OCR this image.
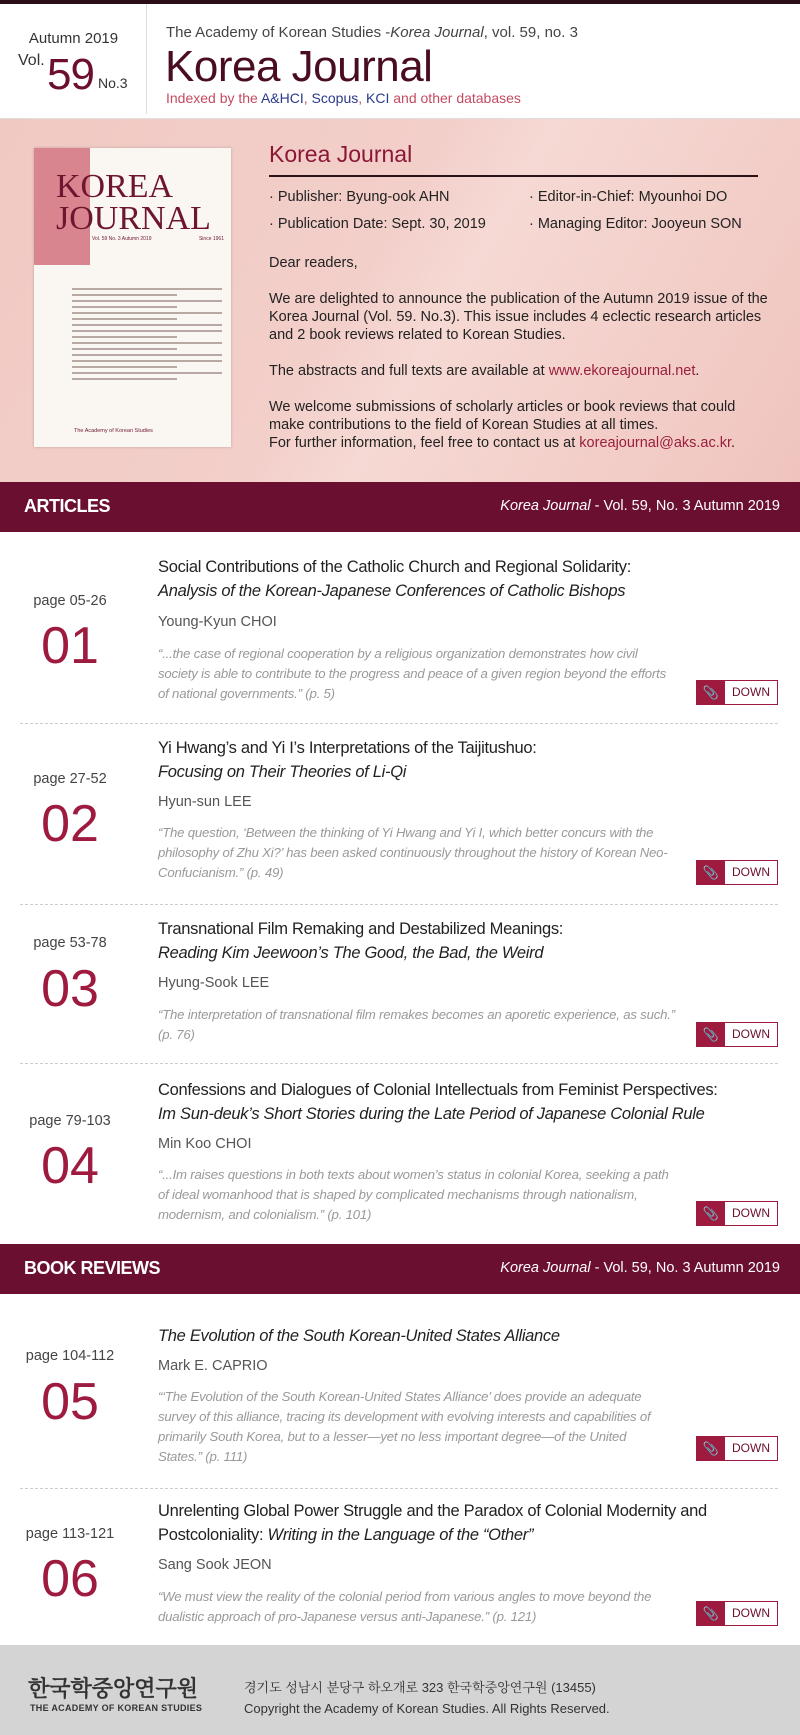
Autumn 2019
Vol. 59 No.3
The Academy of Korean Studies -Korea Journal, vol. 59, no. 3
Korea Journal
Indexed by the A&HCI, Scopus, KCI and other databases
KOREA
JOURNAL
Vol. 59 No. 3 Autumn 2019	Since 1961
The Academy of Korean Studies
Korea Journal
· Publisher: Byung-ook AHN	· Editor-in-Chief: Myounhoi DO
· Publication Date: Sept. 30, 2019	· Managing Editor: Jooyeun SON

Dear readers,

We are delighted to announce the publication of the Autumn 2019 issue of the Korea Journal (Vol. 59. No.3). This issue includes 4 eclectic research articles and 2 book reviews related to Korean Studies.

The abstracts and full texts are available at www.ekoreajournal.net.

We welcome submissions of scholarly articles or book reviews that could make contributions to the field of Korean Studies at all times.

For further information, feel free to contact us at koreajournal@aks.ac.kr.

ARTICLES	Korea Journal - Vol. 59, No. 3 Autumn 2019
page 05-26
01
Social Contributions of the Catholic Church and Regional Solidarity:
Analysis of the Korean-Japanese Conferences of Catholic Bishops
Young-Kyun CHOI
“...the case of regional cooperation by a religious organization demonstrates how civil society is able to contribute to the progress and peace of a given region beyond the efforts of national governments.” (p. 5)	📎	DOWN
page 27-52
02
Yi Hwang’s and Yi I’s Interpretations of the Taijitushuo:
Focusing on Their Theories of Li-Qi
Hyun-sun LEE
“The question, ‘Between the thinking of Yi Hwang and Yi I, which better concurs with the philosophy of Zhu Xi?’ has been asked continuously throughout the history of Korean Neo-Confucianism.” (p. 49)	📎	DOWN
page 53-78
03
Transnational Film Remaking and Destabilized Meanings:
Reading Kim Jeewoon’s The Good, the Bad, the Weird
Hyung-Sook LEE
“The interpretation of transnational film remakes becomes an aporetic experience, as such.” (p. 76)	📎	DOWN
page 79-103
04
Confessions and Dialogues of Colonial Intellectuals from Feminist Perspectives:
Im Sun-deuk’s Short Stories during the Late Period of Japanese Colonial Rule
Min Koo CHOI
“...Im raises questions in both texts about women’s status in colonial Korea, seeking a path of ideal womanhood that is shaped by complicated mechanisms through nationalism, modernism, and colonialism.” (p. 101)	📎	DOWN
BOOK REVIEWS	Korea Journal - Vol. 59, No. 3 Autumn 2019
page 104-112
05
The Evolution of the South Korean-United States Alliance
Mark E. CAPRIO
“‘The Evolution of the South Korean-United States Alliance’ does provide an adequate survey of this alliance, tracing its development with evolving interests and capabilities of primarily South Korea, but to a lesser—yet no less important degree—of the United States.” (p. 111)
📎	DOWN
page 113-121
06
Unrelenting Global Power Struggle and the Paradox of Colonial Modernity and
Postcoloniality: Writing in the Language of the “Other”
Sang Sook JEON
“We must view the reality of the colonial period from various angles to move beyond the dualistic approach of pro-Japanese versus anti-Japanese.” (p. 121)	📎	DOWN
한국학중앙연구원
THE ACADEMY OF KOREAN STUDIES
경기도 성남시 분당구 하오개로 323 한국학중앙연구원 (13455)
Copyright the Academy of Korean Studies. All Rights Reserved.
